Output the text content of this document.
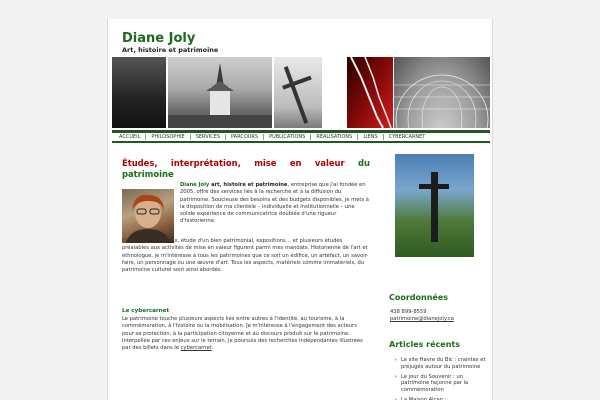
Diane Joly
Art, histoire et patrimoine
ACCUEIL	PHILOSOPHIE	SERVICES	PARCOURS	PUBLICATIONS	RÉALISATIONS	LIENS	CYBERCARNET
Études, interprétation, mise en valeur du patrimoine
Diane Joly art, histoire et patrimoine, entreprise que j'ai fondée en 2005, offre des services liés à la recherche et à la diffusion du patrimoine. Soucieuse des besoins et des budgets disponibles, je mets à la disposition de ma clientèle – individuelle et institutionnelle – une solide expérience de communicatrice doublée d'une rigueur d'historienne.
Circuits patrimoniaux, étude d'un bien patrimonial, expositions… et plusieurs études préalables aux activités de mise en valeur figurent parmi mes mandats. Historienne de l'art et ethnologue, je m'intéresse à tous les patrimoines que ce soit un édifice, un artéfact, un savoir-faire, un personnage ou une œuvre d'art. Tous les aspects, matériels comme immatériels, du patrimoine culturel sont ainsi abordés.
Le cybercarnet
Le patrimoine touche plusieurs aspects liés entre autres à l'identité, au tourisme, à la commémoration, à l'histoire ou la mobilisation. Je m'intéresse à l'engagement des acteurs pour sa protection, à la participation citoyenne et au discours produit sur le patrimoine. Interpellée par ces enjeux sur le terrain, je poursuis des recherches indépendantes illustrées par des billets dans le cybercarnet.
Coordonnées
438 899-8559
patrimoine@dianejoly.ca
Articles récents
» Le site Havre du Bic : craintes et préjugés autour du patrimoine
» Le jour du Souvenir : un patrimoine façonné par la commémoration
» La Maison Alcan :
